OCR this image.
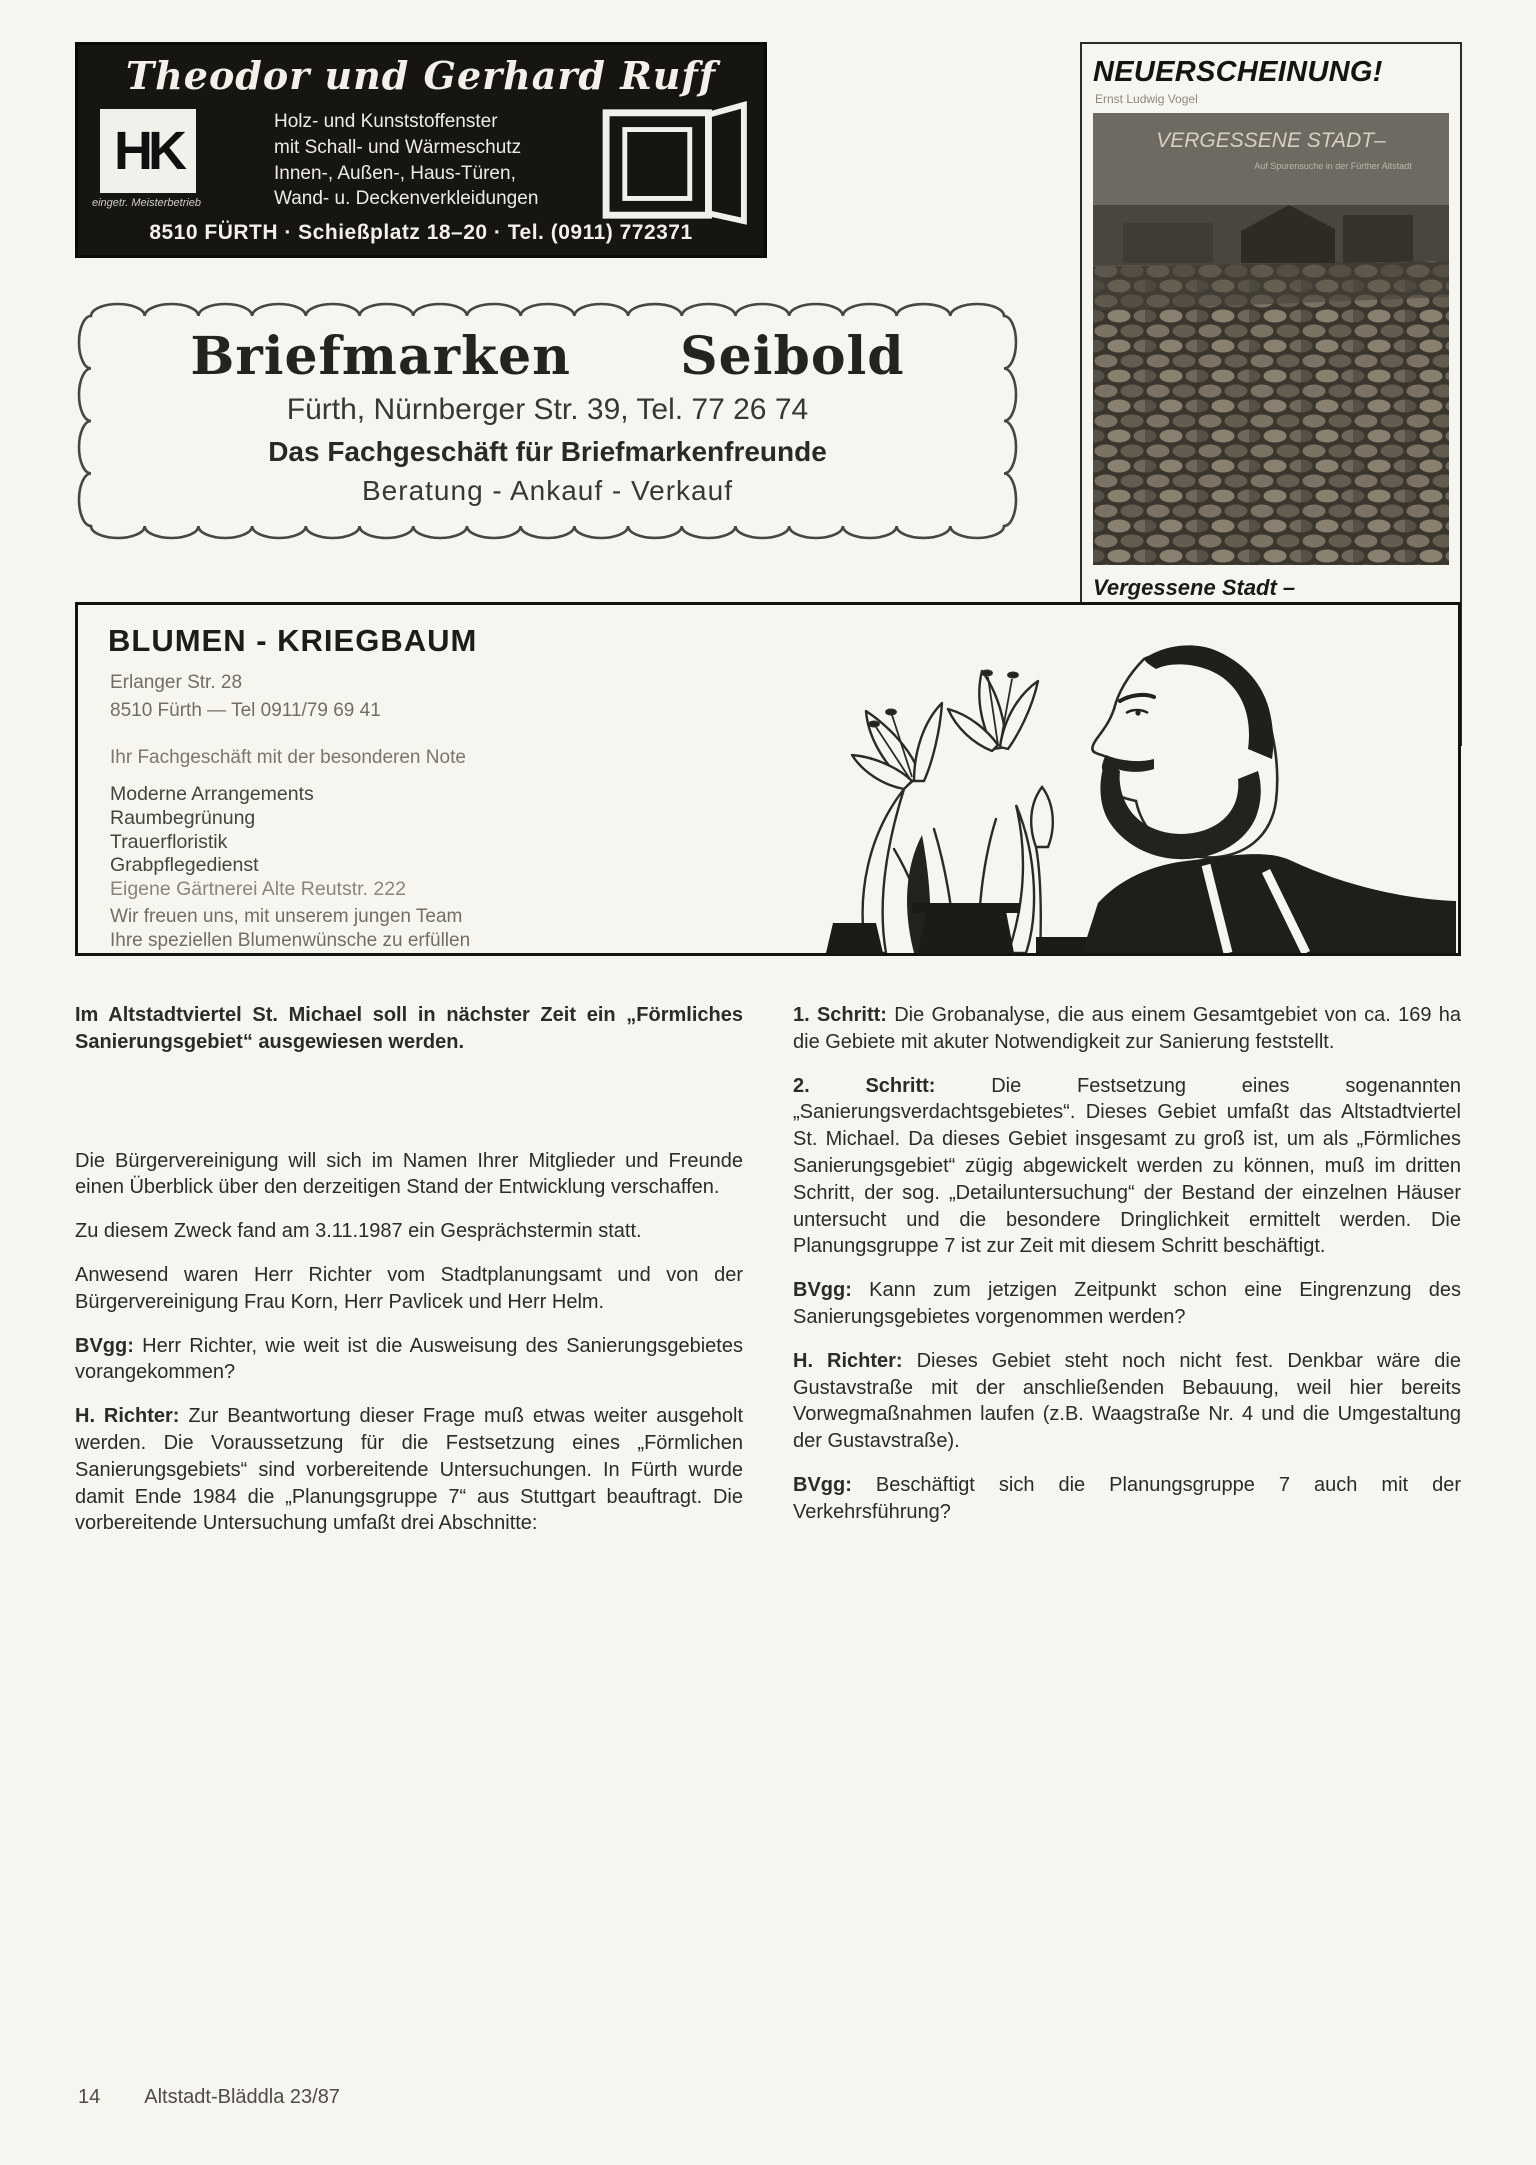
Theodor und Gerhard Ruff
HK
eingetr. Meisterbetrieb
Holz- und Kunststoffenster
mit Schall- und Wärmeschutz
Innen-, Außen-, Haus-Türen,
Wand- u. Deckenverkleidungen
8510 FÜRTH · Schießplatz 18–20 · Tel. (0911) 772371
NEUERSCHEINUNG!
Ernst Ludwig Vogel
VERGESSENE STADT–
Auf Spurensuche in der Fürther Altstadt
Vergessene Stadt –
Briefmarken Seibold
Fürth, Nürnberger Str. 39, Tel. 77 26 74
Das Fachgeschäft für Briefmarkenfreunde
Beratung - Ankauf - Verkauf
BLUMEN - KRIEGBAUM
Erlanger Str. 28
8510 Fürth — Tel 0911/79 69 41
Ihr Fachgeschäft mit der besonderen Note
Moderne Arrangements
Raumbegrünung
Trauerfloristik
Grabpflegedienst
Eigene Gärtnerei Alte Reutstr. 222
Wir freuen uns, mit unserem jungen Team
Ihre speziellen Blumenwünsche zu erfüllen

Im Altstadtviertel St. Michael soll in nächster Zeit ein „Förmliches Sanierungsgebiet“ ausgewiesen werden.

Die Bürgervereinigung will sich im Namen Ihrer Mitglieder und Freunde einen Überblick über den derzeitigen Stand der Entwicklung verschaffen.

Zu diesem Zweck fand am 3.11.1987 ein Gesprächstermin statt.

Anwesend waren Herr Richter vom Stadtplanungsamt und von der Bürgervereinigung Frau Korn, Herr Pavlicek und Herr Helm.

BVgg: Herr Richter, wie weit ist die Ausweisung des Sanierungsgebietes vorangekommen?

H. Richter: Zur Beantwortung dieser Frage muß etwas weiter ausgeholt werden. Die Voraussetzung für die Festsetzung eines „Förmlichen Sanierungsgebiets“ sind vorbereitende Untersuchungen. In Fürth wurde damit Ende 1984 die „Planungsgruppe 7“ aus Stuttgart beauftragt. Die vorbereitende Untersuchung umfaßt drei Abschnitte:

1. Schritt: Die Grobanalyse, die aus einem Gesamtgebiet von ca. 169 ha die Gebiete mit akuter Notwendigkeit zur Sanierung feststellt.

2. Schritt:	Die Festsetzung eines sogenannten „Sanierungsverdachtsgebietes“. Dieses Gebiet umfaßt das Altstadtviertel St. Michael. Da dieses Gebiet insgesamt zu groß ist, um als „Förmliches Sanierungsgebiet“ zügig abgewickelt werden zu können, muß im dritten Schritt, der sog. „Detailuntersuchung“ der Bestand der einzelnen Häuser untersucht und die besondere Dringlichkeit ermittelt werden. Die Planungsgruppe 7 ist zur Zeit mit diesem Schritt beschäftigt.

BVgg: Kann zum jetzigen Zeitpunkt schon eine Eingrenzung des Sanierungsgebietes vorgenommen werden?

H. Richter: Dieses Gebiet steht noch nicht fest. Denkbar wäre die Gustavstraße mit der anschließenden Bebauung, weil hier bereits Vorwegmaßnahmen laufen (z.B. Waagstraße Nr. 4 und die Umgestaltung der Gustavstraße).

BVgg: Beschäftigt sich die Planungsgruppe 7 auch mit der Verkehrsführung?

14 Altstadt-Bläddla 23/87
